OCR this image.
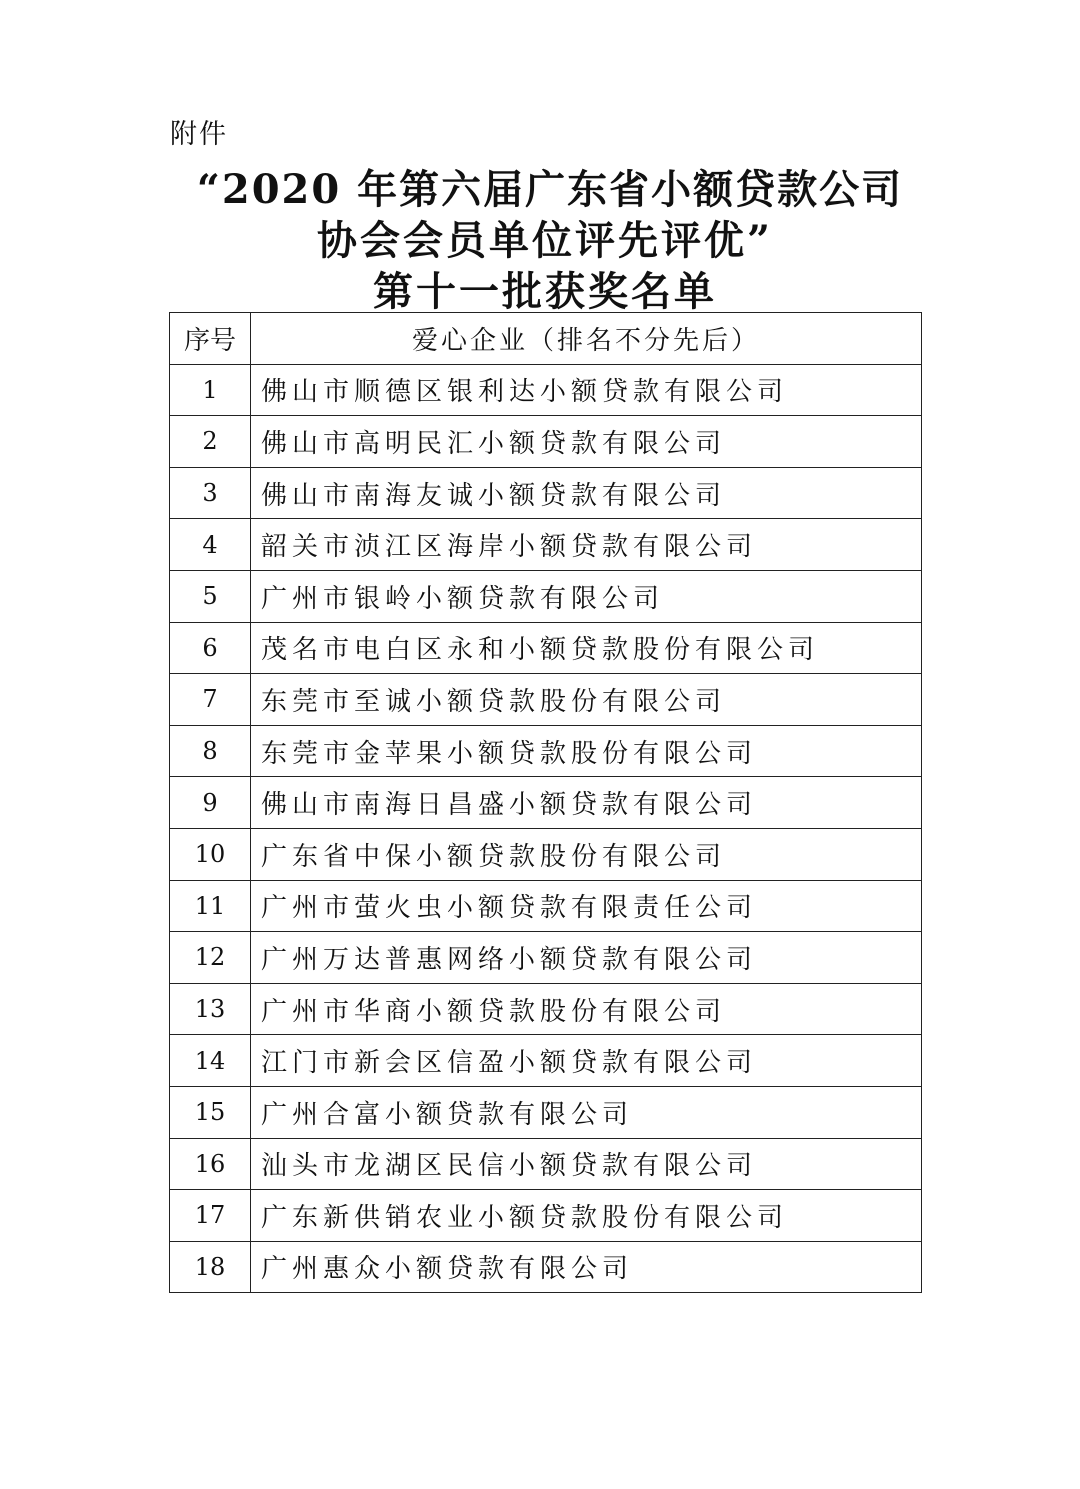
附件
“2020 年第六届广东省小额贷款公司
协会会员单位评先评优”
第十一批获奖名单
序号	爱心企业（排名不分先后）
1	佛山市顺德区银利达小额贷款有限公司
2	佛山市高明民汇小额贷款有限公司
3	佛山市南海友诚小额贷款有限公司
4	韶关市浈江区海岸小额贷款有限公司
5	广州市银岭小额贷款有限公司
6	茂名市电白区永和小额贷款股份有限公司
7	东莞市至诚小额贷款股份有限公司
8	东莞市金苹果小额贷款股份有限公司
9	佛山市南海日昌盛小额贷款有限公司
10	广东省中保小额贷款股份有限公司
11	广州市萤火虫小额贷款有限责任公司
12	广州万达普惠网络小额贷款有限公司
13	广州市华商小额贷款股份有限公司
14	江门市新会区信盈小额贷款有限公司
15	广州合富小额贷款有限公司
16	汕头市龙湖区民信小额贷款有限公司
17	广东新供销农业小额贷款股份有限公司
18	广州惠众小额贷款有限公司
